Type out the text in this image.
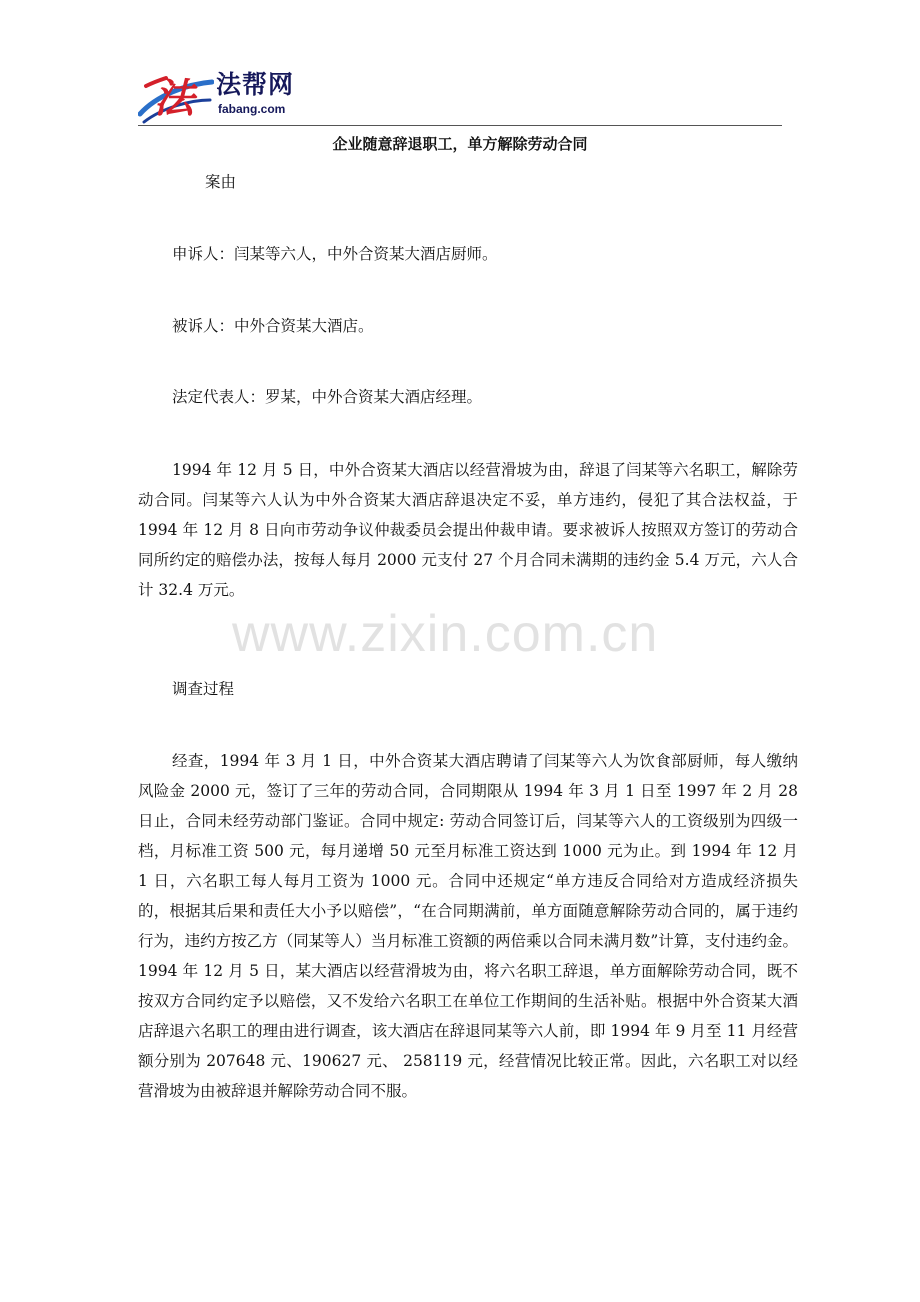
法 法帮网
fabang.com
企业随意辞退职工，单方解除劳动合同
案由

申诉人：闫某等六人，中外合资某大酒店厨师。

被诉人：中外合资某大酒店。

法定代表人：罗某，中外合资某大酒店经理。

1994 年 12 月 5 日，中外合资某大酒店以经营滑坡为由，辞退了闫某等六名职工，解除劳动合同。闫某等六人认为中外合资某大酒店辞退决定不妥，单方违约，侵犯了其合法权益，于 1994 年 12 月 8 日向市劳动争议仲裁委员会提出仲裁申请。要求被诉人按照双方签订的劳动合同所约定的赔偿办法，按每人每月 2000 元支付 27 个月合同未满期的违约金 5.4 万元，六人合计 32.4 万元。

www.zixin.com.cn

调查过程

经查，1994 年 3 月 1 日，中外合资某大酒店聘请了闫某等六人为饮食部厨师，每人缴纳风险金 2000 元，签订了三年的劳动合同，合同期限从 1994 年 3 月 1 日至 1997 年 2 月 28 日止，合同未经劳动部门鉴证。合同中规定: 劳动合同签订后，闫某等六人的工资级别为四级一档，月标准工资 500 元，每月递增 50 元至月标准工资达到 1000 元为止。到 1994 年 12 月 1 日，六名职工每人每月工资为 1000 元。合同中还规定“单方违反合同给对方造成经济损失的，根据其后果和责任大小予以赔偿”，“在合同期满前，单方面随意解除劳动合同的，属于违约行为，违约方按乙方（同某等人）当月标准工资额的两倍乘以合同未满月数”计算，支付违约金。1994 年 12 月 5 日，某大酒店以经营滑坡为由，将六名职工辞退，单方面解除劳动合同，既不按双方合同约定予以赔偿，又不发给六名职工在单位工作期间的生活补贴。根据中外合资某大酒店辞退六名职工的理由进行调查，该大酒店在辞退同某等六人前，即 1994 年 9 月至 11 月经营额分别为 207648 元、190627 元、 258119 元，经营情况比较正常。因此，六名职工对以经营滑坡为由被辞退并解除劳动合同不服。
